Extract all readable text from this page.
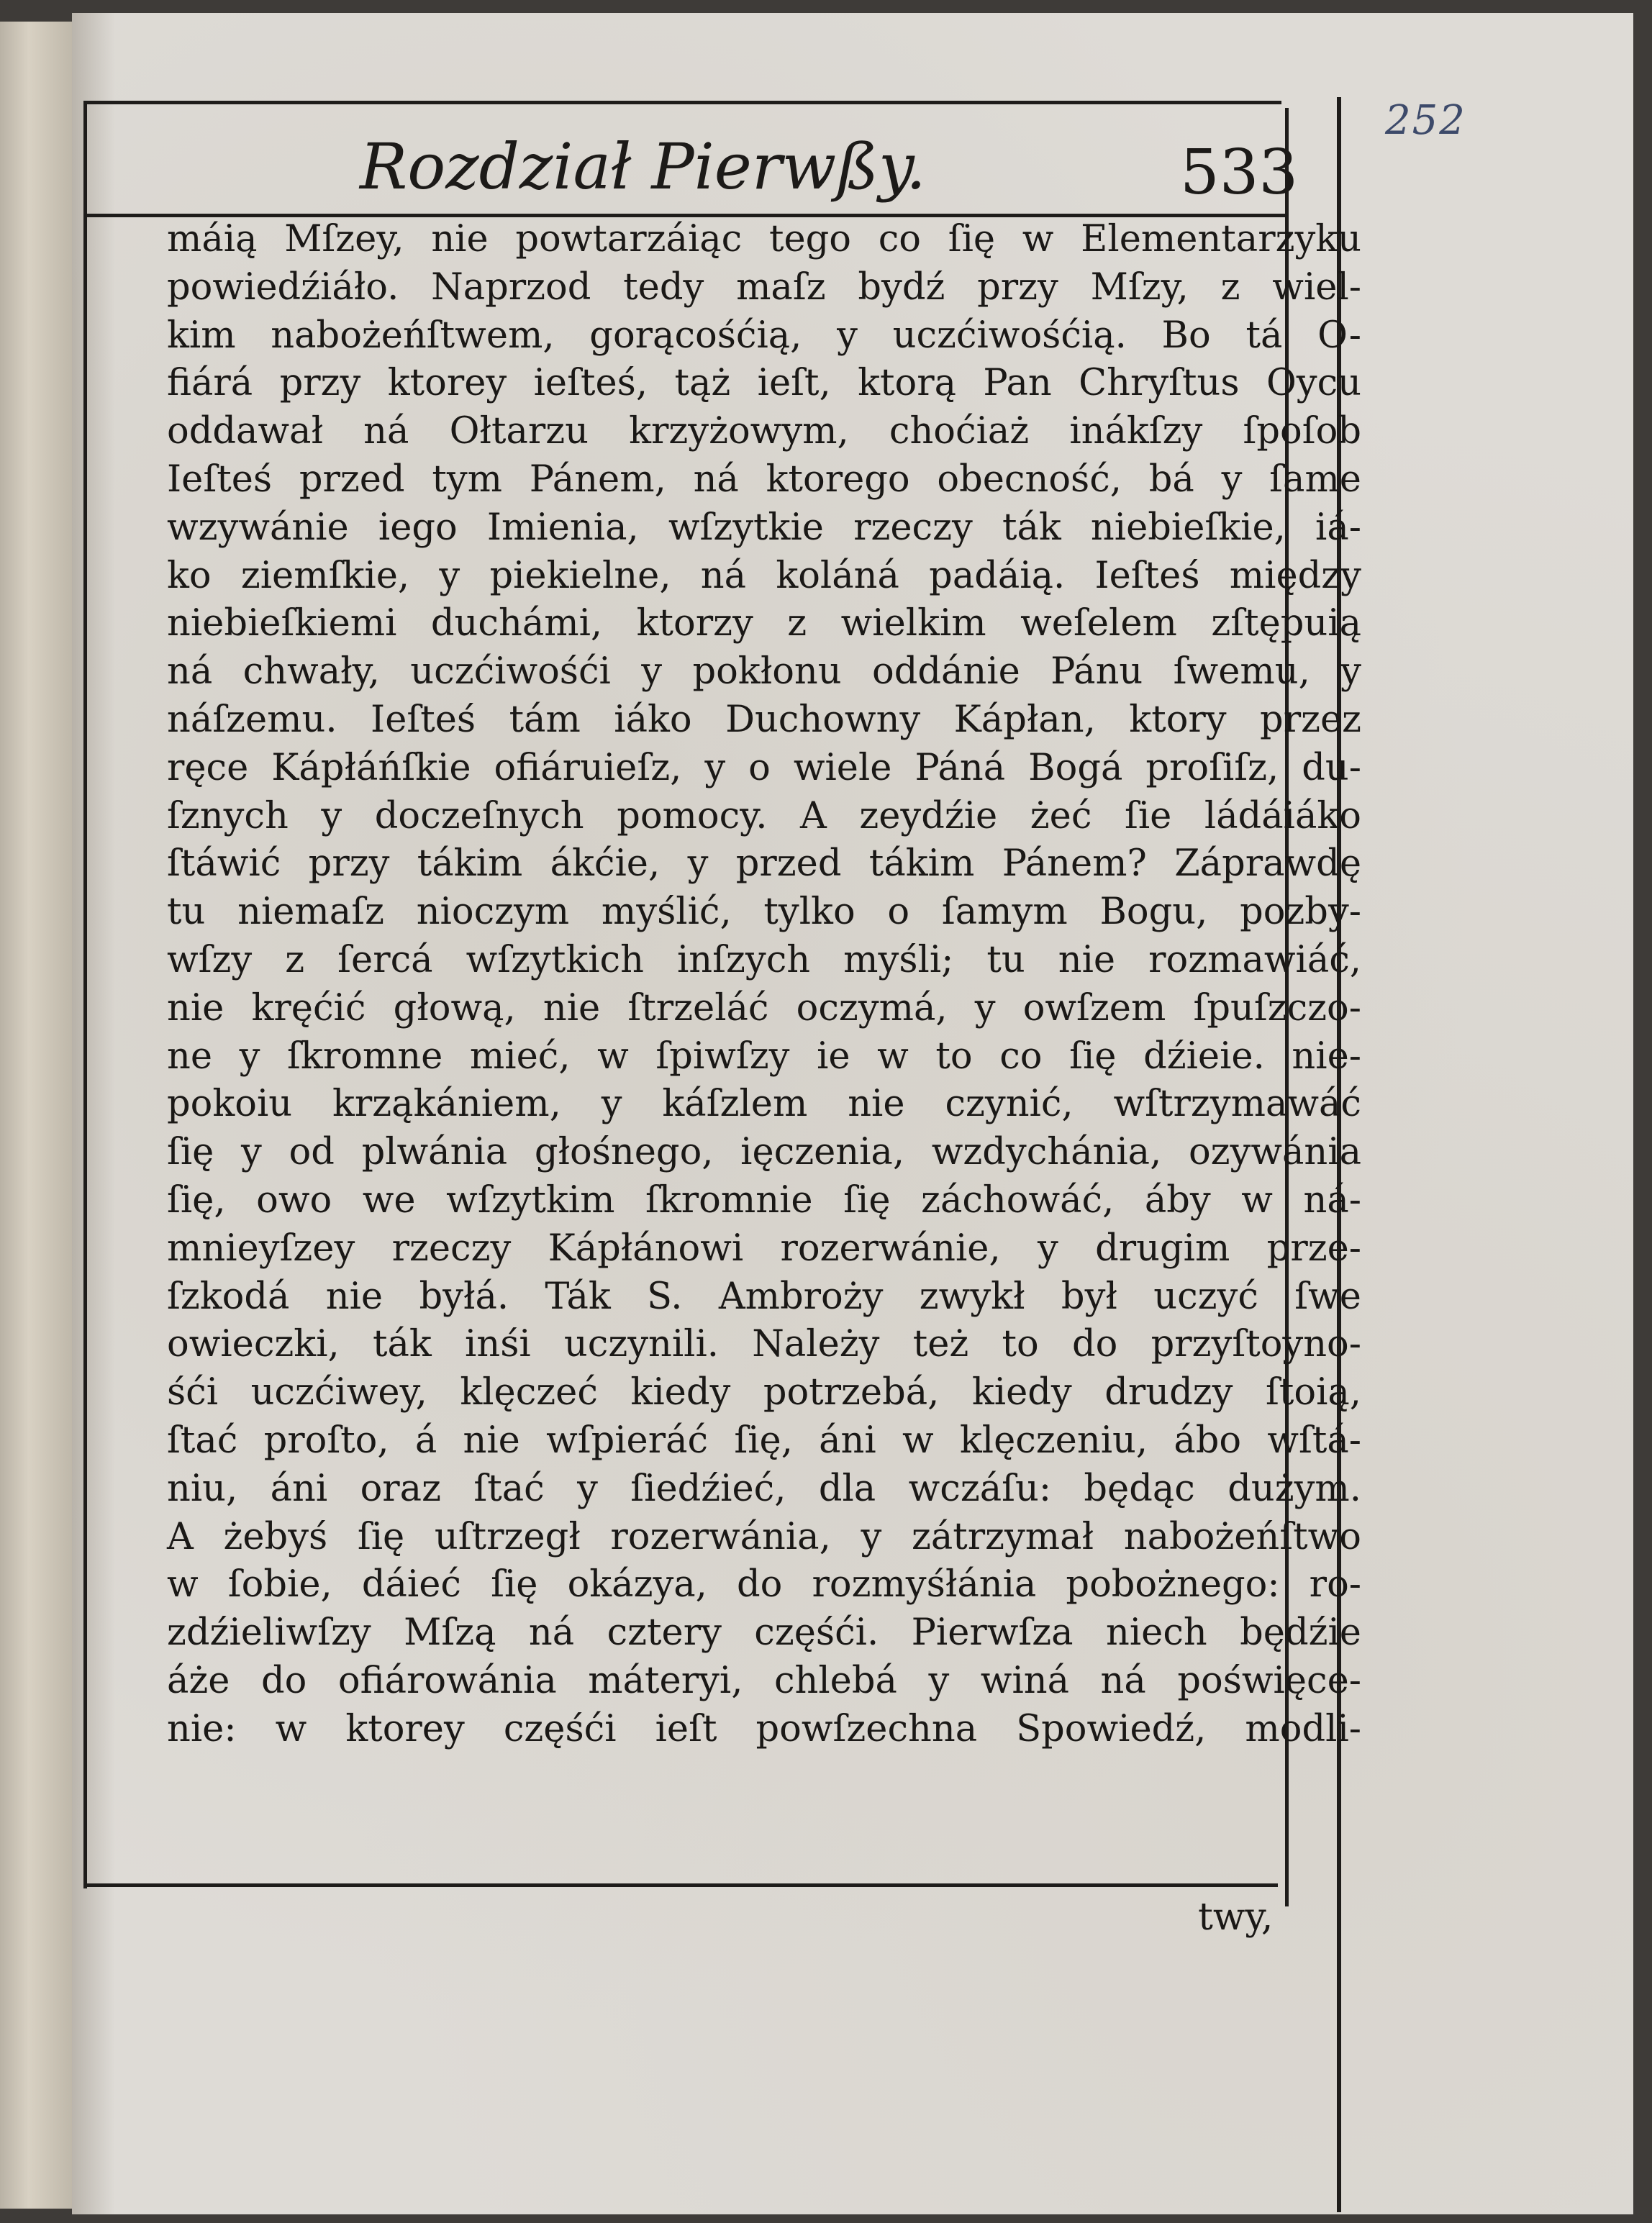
252
Rozdział Pierwßy.	533
máią Mſzey, nie powtarzáiąc tego co ſię w Elementarzyku
powiedźiáło. Naprzod tedy maſz bydź przy Mſzy, z wiel-
kim nabożeńſtwem, gorącośćią, y uczćiwośćią. Bo tá O-
fiárá przy ktorey ieſteś, tąż ieſt, ktorą Pan Chryſtus Oycu
oddawał ná Ołtarzu krzyżowym, choćiaż inákſzy ſpoſob
Ieſteś przed tym Pánem, ná ktorego obecność, bá y ſame
wzywánie iego Imienia, wſzytkie rzeczy ták niebieſkie, iá-
ko ziemſkie, y piekielne, ná koláná padáią. Ieſteś między
niebieſkiemi duchámi, ktorzy z wielkim weſelem zſtępuią
ná chwały, uczćiwośći y pokłonu oddánie Pánu ſwemu, y
náſzemu. Ieſteś tám iáko Duchowny Kápłan, ktory przez
ręce Kápłáńſkie ofiáruieſz, y o wiele Páná Bogá proſiſz, du-
ſznych y doczeſnych pomocy. A zeydźie żeć ſie ládáiáko
ſtáwić przy tákim ákćie, y przed tákim Pánem? Záprawdę
tu niemaſz nioczym myślić, tylko o ſamym Bogu, pozby-
wſzy z ſercá wſzytkich inſzych myśli; tu nie rozmawiáć,
nie kręćić głową, nie ſtrzeláć oczymá, y owſzem ſpuſzczo-
ne y ſkromne mieć, w ſpiwſzy ie w to co ſię dźieie. nie-
pokoiu krząkániem, y káſzlem nie czynić, wſtrzymawáć
ſię y od plwánia głośnego, ięczenia, wzdychánia, ozywánia
ſię, owo we wſzytkim ſkromnie ſię záchowáć, áby w ná-
mnieyſzey rzeczy Kápłánowi rozerwánie, y drugim prze-
ſzkodá nie byłá. Ták S. Ambroży zwykł był uczyć ſwe
owieczki, ták inśi uczynili. Należy też to do przyſtoyno-
śći uczćiwey, klęczeć kiedy potrzebá, kiedy drudzy ſtoią,
ſtać proſto, á nie wſpieráć ſię, áni w klęczeniu, ábo wſtá-
niu, áni oraz ſtać y ſiedźieć, dla wczáſu: będąc dużym.
A żebyś ſię uſtrzegł rozerwánia, y zátrzymał nabożeńſtwo
w ſobie, dáieć ſię okázya, do rozmyśłánia pobożnego: ro-
zdźieliwſzy Mſzą ná cztery częśći. Pierwſza niech będźie
áże do ofiárowánia máteryi, chlebá y winá ná poświęce-
nie: w ktorey częśći ieſt powſzechna Spowiedź, modli-
twy,
